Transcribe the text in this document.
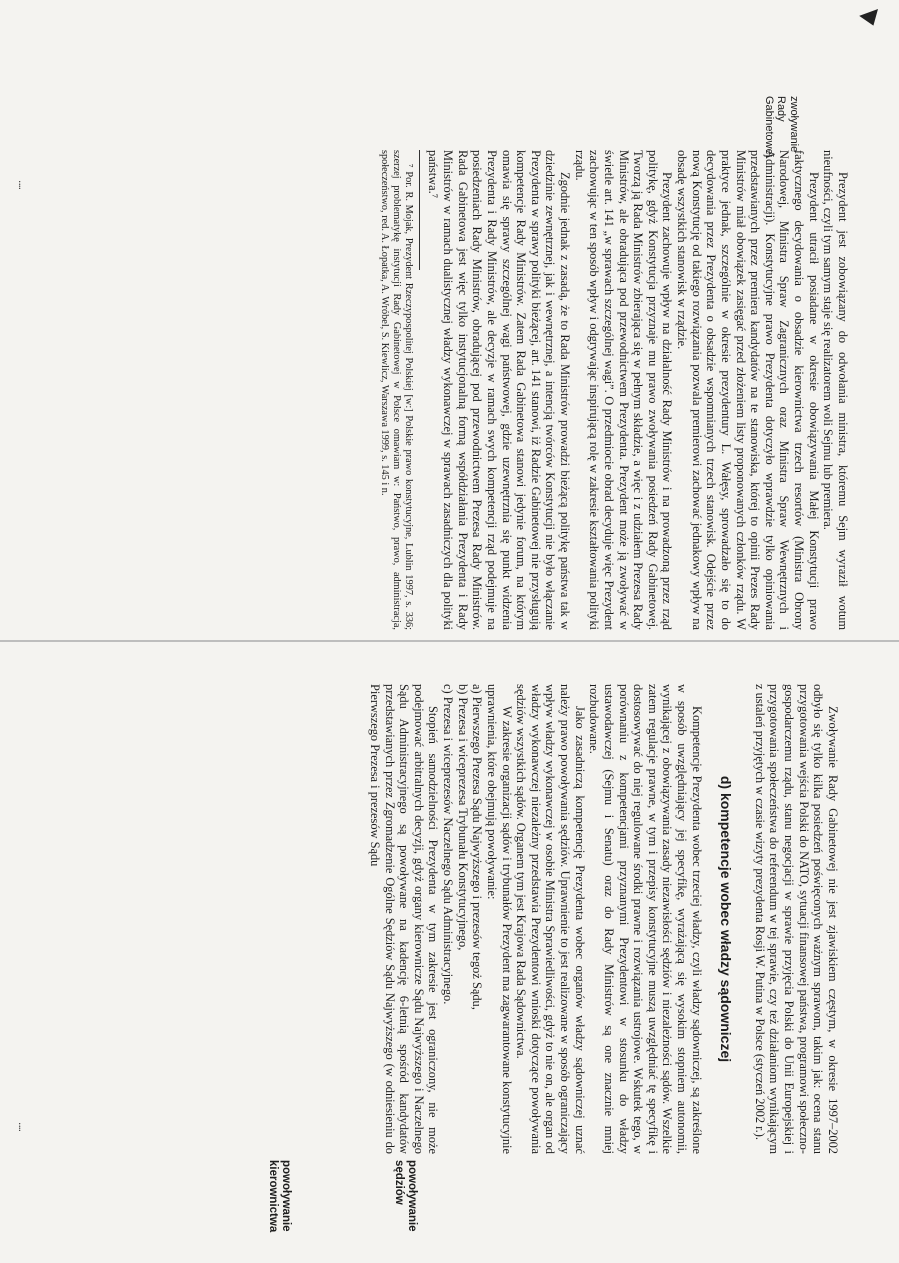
⁞
⁞

Prezydent jest zobowiązany do odwołania ministra, któremu Sejm wyraził wotum nieufności, czyli tym samym staje się realizatorem woli Sejmu lub premiera.

Prezydent utracił posiadane w okresie obowiązywania Małej Konstytucji prawo faktycznego decydowania o obsadzie kierownictwa trzech resortów (Ministra Obrony Narodowej, Ministra Spraw Zagranicznych oraz Ministra Spraw Wewnętrznych i Administracji). Konstytucyjne prawo Prezydenta dotyczyło wprawdzie tylko opiniowania przedstawianych przez premiera kandydatów na te stanowiska, której to opinii Prezes Rady Ministrów miał obowiązek zasięgać przed złożeniem listy proponowanych członków rządu. W praktyce jednak, szczególnie w okresie prezydentury L. Wałęsy, sprowadzało się to do decydowania przez Prezydenta o obsadzie wspomnianych trzech stanowisk. Odejście przez nową Konstytucję od takiego rozwiązania pozwala premierowi zachować jednakowy wpływ na obsadę wszystkich stanowisk w rządzie.

Prezydent zachowuje wpływ na działalność Rady Ministrów i na prowadzoną przez rząd politykę, gdyż Konstytucja przyznaje mu prawo zwoływania posiedzeń Rady Gabinetowej. Tworzą ją Rada Ministrów zbierająca się w pełnym składzie, a więc i z udziałem Prezesa Rady Ministrów, ale obradująca pod przewodnictwem Prezydenta. Prezydent może ją zwoływać w świetle art. 141 „w sprawach szczególnej wagi”. O przedmiocie obrad decyduje więc Prezydent zachowując w ten sposób wpływ i odgrywając inspirującą rolę w zakresie kształtowania polityki rządu.

Zgodnie jednak z zasadą, że to Rada Ministrów prowadzi bieżącą politykę państwa tak w dziedzinie zewnętrznej, jak i wewnętrznej, a intencją twórców Konstytucji nie było włączanie Prezydenta w sprawy polityki bieżącej, art. 141 stanowi, iż Radzie Gabinetowej nie przysługują kompetencje Rady Ministrów. Zatem Rada Gabinetowa stanowi jedynie forum, na którym omawia się sprawy szczególnej wagi państwowej, gdzie uzewnętrznia się punkt widzenia Prezydenta i Rady Ministrów, ale decyzje w ramach swych kompetencji rząd podejmuje na posiedzeniach Rady Ministrów, obradującej pod przewodnictwem Prezesa Rady Ministrów. Rada Gabinetowa jest więc tylko instytucjonalną formą współdziałania Prezydenta i Rady Ministrów w ramach dualistycznej władzy wykonawczej w sprawach zasadniczych dla polityki państwa.⁷

⁷ Por. R. Mojak, Prezydent Rzeczypospolitej Polskiej [w:] Polskie prawo konstytucyjne, Lublin 1997, s. 336; szerzej problematykę instytucji Rady Gabinetowej w Polsce omawiam w: Państwo, prawo, administracja, społeczeństwo, red. A. Łopatka, A. Wróbel, S. Kiewlicz, Warszawa 1999, s. 145 i n.

zwoływanie
Rady
Gabinetowej

Zwoływanie Rady Gabinetowej nie jest zjawiskiem częstym, w okresie 1997–2002 odbyło się tylko kilka posiedzeń poświęconych ważnym sprawom, takim jak: ocena stanu przygotowania wejścia Polski do NATO, sytuacji finansowej państwa, programowi społeczno-gospodarczemu rządu, stanu negocjacji w sprawie przyjęcia Polski do Unii Europejskiej i przygotowania społeczeństwa do referendum w tej sprawie, czy też działaniom wynikającym z ustaleń przyjętych w czasie wizyty prezydenta Rosji W. Putina w Polsce (styczeń 2002 r.).

d) kompetencje wobec władzy sądowniczej

Kompetencje Prezydenta wobec trzeciej władzy, czyli władzy sądowniczej, są zakreślone w sposób uwzględniający jej specyfikę, wyrażającą się wysokim stopniem autonomii, wynikającej z obowiązywania zasady niezawisłości sędziów i niezależności sądów. Wszelkie zatem regulacje prawne, w tym i przepisy konstytucyjne muszą uwzględniać tę specyfikę i dostosowywać do niej regulowane środki prawne i rozwiązania ustrojowe. Wskutek tego, w porównaniu z kompetencjami przyznanymi Prezydentowi w stosunku do władzy ustawodawczej (Sejmu i Senatu) oraz do Rady Ministrów są one znacznie mniej rozbudowane.

Jako zasadniczą kompetencję Prezydenta wobec organów władzy sądowniczej uznać należy prawo powoływania sędziów. Uprawnienie to jest realizowane w sposób ograniczający wpływ władzy wykonawczej w osobie Ministra Sprawiedliwości, gdyż to nie on, ale organ od władzy wykonawczej niezależny przedstawia Prezydentowi wnioski dotyczące powoływania sędziów wszystkich sądów. Organem tym jest Krajowa Rada Sądownictwa.

W zakresie organizacji sądów i trybunałów Prezydent ma zagwarantowane konstytucyjnie uprawnienia, które obejmują powoływanie:

a) Pierwszego Prezesa Sądu Najwyższego i prezesów tegoż Sądu,
b) Prezesa i wiceprezesa Trybunału Konstytucyjnego,
c) Prezesa i wiceprezesów Naczelnego Sądu Administracyjnego.

Stopień samodzielności Prezydenta w tym zakresie jest ograniczony, nie może podejmować arbitralnych decyzji, gdyż organy kierownicze Sądu Najwyższego i Naczelnego Sądu Administracyjnego są powoływane na kadencję 6-letnią spośród kandydatów przedstawianych przez Zgromadzenie Ogólne Sędziów Sądu Najwyższego (w odniesieniu do Pierwszego Prezesa i prezesów Sądu

powoływanie
sędziów
powoływanie
kierownictwa
